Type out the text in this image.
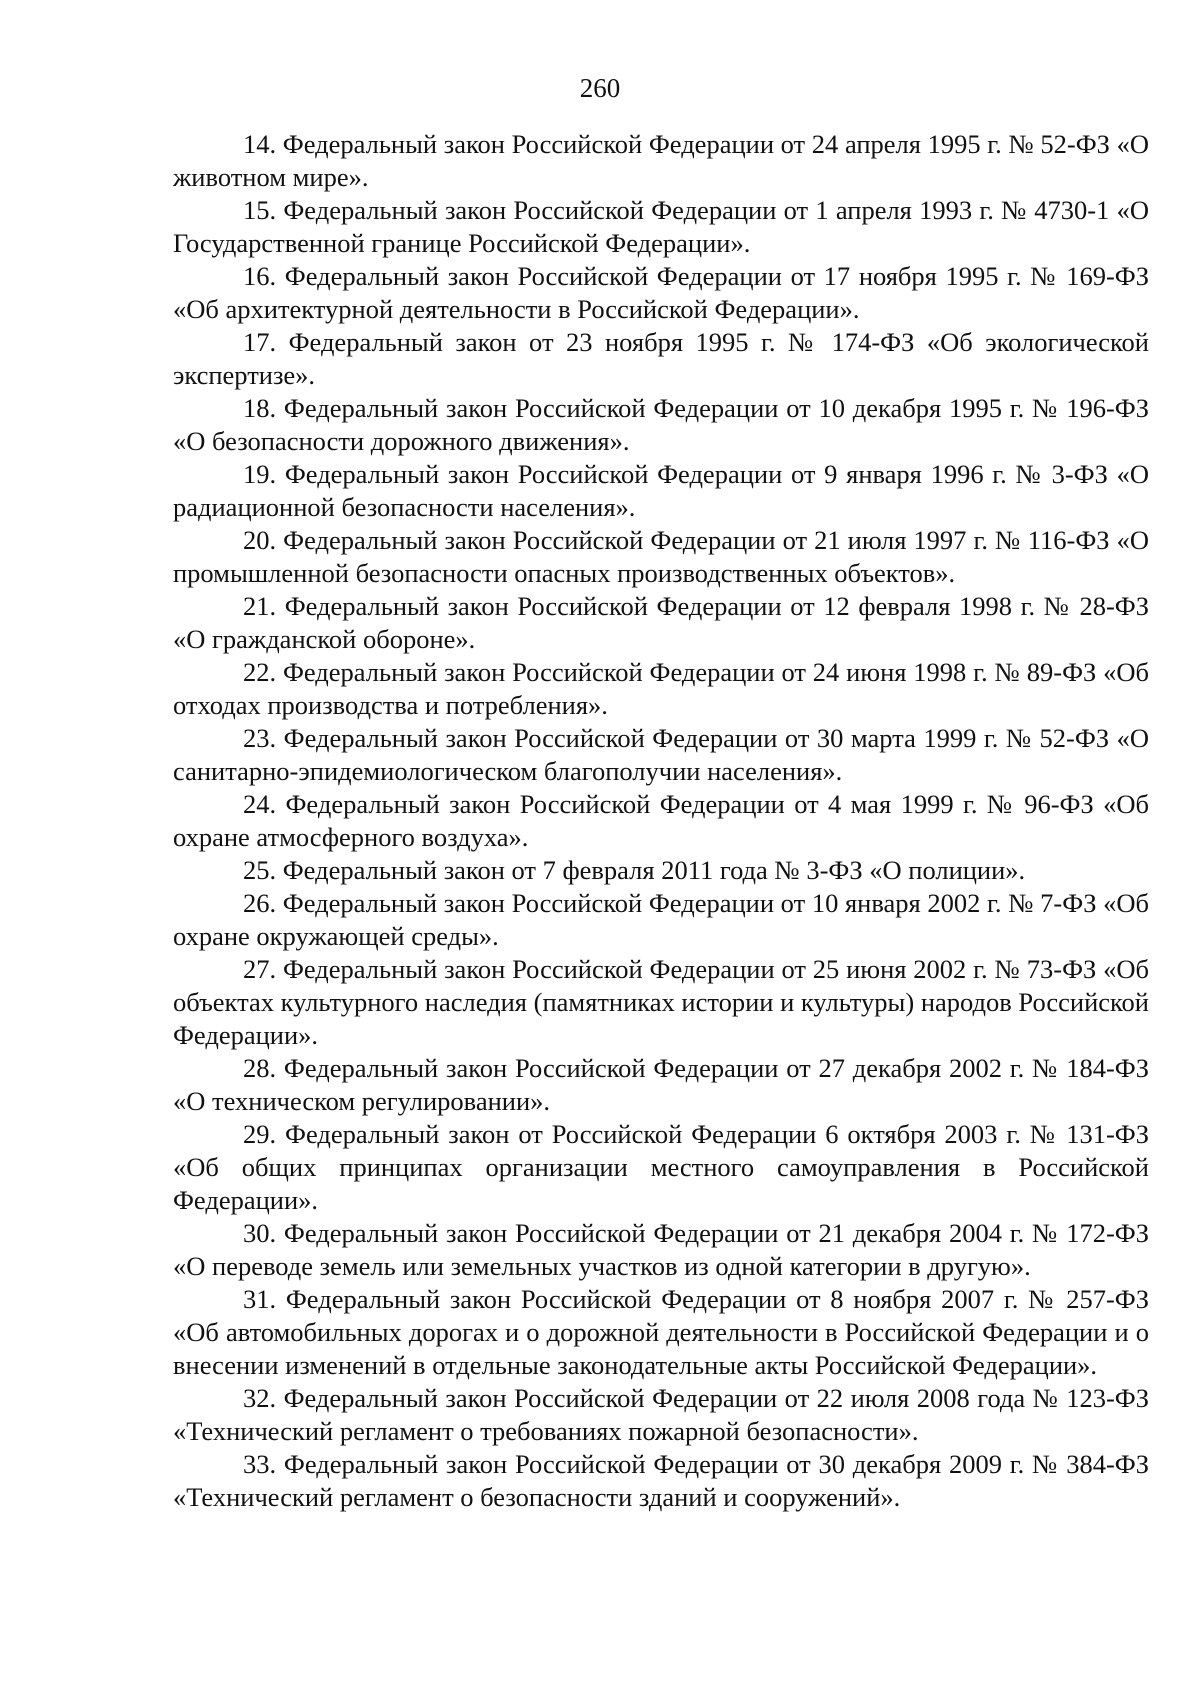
260

14. Федеральный закон Российской Федерации от 24 апреля 1995 г. № 52-ФЗ «О животном мире».

15. Федеральный закон Российской Федерации от 1 апреля 1993 г. № 4730-1 «О Государственной границе Российской Федерации».

16. Федеральный закон Российской Федерации от 17 ноября 1995 г. № 169-ФЗ «Об архитектурной деятельности в Российской Федерации».

17. Федеральный закон от 23 ноября 1995 г. № 174-ФЗ «Об экологической экспертизе».

18. Федеральный закон Российской Федерации от 10 декабря 1995 г. № 196-ФЗ «О безопасности дорожного движения».

19. Федеральный закон Российской Федерации от 9 января 1996 г. № 3-ФЗ «О радиационной безопасности населения».

20. Федеральный закон Российской Федерации от 21 июля 1997 г. № 116-ФЗ «О промышленной безопасности опасных производственных объектов».

21. Федеральный закон Российской Федерации от 12 февраля 1998 г. № 28-ФЗ «О гражданской обороне».

22. Федеральный закон Российской Федерации от 24 июня 1998 г. № 89-ФЗ «Об отходах производства и потребления».

23. Федеральный закон Российской Федерации от 30 марта 1999 г. № 52-ФЗ «О санитарно-эпидемиологическом благополучии населения».

24. Федеральный закон Российской Федерации от 4 мая 1999 г. № 96-ФЗ «Об охране атмосферного воздуха».

25. Федеральный закон от 7 февраля 2011 года № 3-ФЗ «О полиции».

26. Федеральный закон Российской Федерации от 10 января 2002 г. № 7-ФЗ «Об охране окружающей среды».

27. Федеральный закон Российской Федерации от 25 июня 2002 г. № 73-ФЗ «Об объектах культурного наследия (памятниках истории и культуры) народов Российской Федерации».

28. Федеральный закон Российской Федерации от 27 декабря 2002 г. № 184-ФЗ «О техническом регулировании».

29. Федеральный закон от Российской Федерации 6 октября 2003 г. № 131-ФЗ «Об общих принципах организации местного самоуправления в Российской Федерации».

30. Федеральный закон Российской Федерации от 21 декабря 2004 г. № 172-ФЗ «О переводе земель или земельных участков из одной категории в другую».

31. Федеральный закон Российской Федерации от 8 ноября 2007 г. № 257-ФЗ «Об автомобильных дорогах и о дорожной деятельности в Российской Федерации и о внесении изменений в отдельные законодательные акты Российской Федерации».

32. Федеральный закон Российской Федерации от 22 июля 2008 года № 123-ФЗ «Технический регламент о требованиях пожарной безопасности».

33. Федеральный закон Российской Федерации от 30 декабря 2009 г. № 384-ФЗ «Технический регламент о безопасности зданий и сооружений».
